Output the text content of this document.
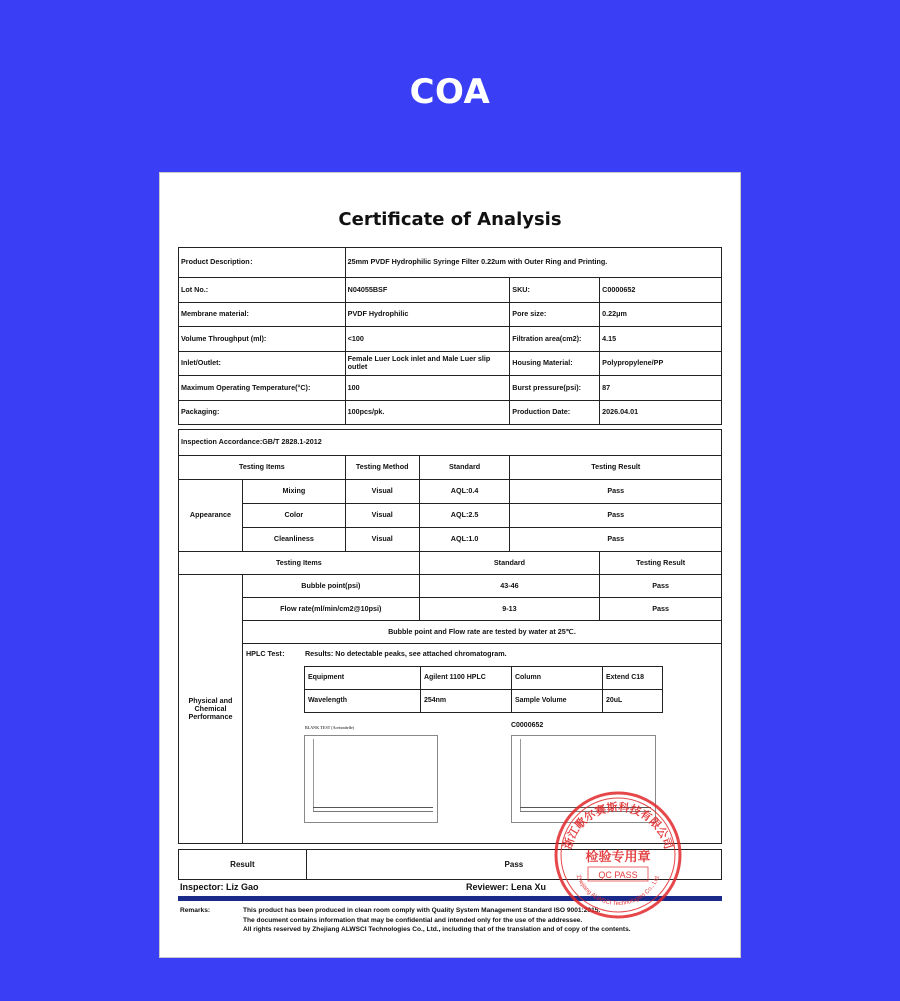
COA
Certificate of Analysis
Product Description：	25mm PVDF Hydrophilic Syringe Filter 0.22um with Outer Ring and Printing.		
Lot No.:	N04055BSF	SKU:	C0000652
Membrane material:	PVDF Hydrophilic	Pore size:	0.22μm
Volume Throughput (ml):	<100	Filtration area(cm2):	4.15
Inlet/Outlet:	Female Luer Lock inlet and Male Luer slip outlet	Housing Material:	Polypropylene/PP
Maximum Operating Temperature(°C):	100	Burst pressure(psi):	87
Packaging:	100pcs/pk.	Production Date:	2026.04.01
Inspection Accordance:GB/T 2828.1-2012
Testing Items		Testing Method	Standard	Testing Result
Appearance	Mixing	Visual	AQL:0.4	Pass
	Color	Visual	AQL:2.5	Pass
	Cleanliness	Visual	AQL:1.0	Pass
Testing Items	Standard	Testing Result
Physical and Chemical Performance	Bubble point(psi)	43-46	Pass
Flow rate(ml/min/cm2@10psi)	9-13	Pass
Bubble point and Flow rate are tested by water at 25℃.

HPLC Test： Results: No detectable peaks, see attached chromatogram.
Equipment	Agilent 1100 HPLC	Column	Extend C18
Wavelength	254nm	Sample Volume	20uL
BLANK TEST (Acetonitrile)	C0000652
Result	Pass
Inspector: Liz Gao	Reviewer: Lena Xu
Remarks:	This product has been produced in clean room comply with Quality System Management Standard ISO 9001:2015.
The document contains information that may be confidential and intended only for the use of the addressee.
All rights reserved by Zhejiang ALWSCI Technologies Co., Ltd., including that of the translation and of copy of the contents.
浙江歌尔赛斯科技有限公司
检验专用章
QC PASS
Zhejiang ALWSCI Technologies Co., Ltd.
